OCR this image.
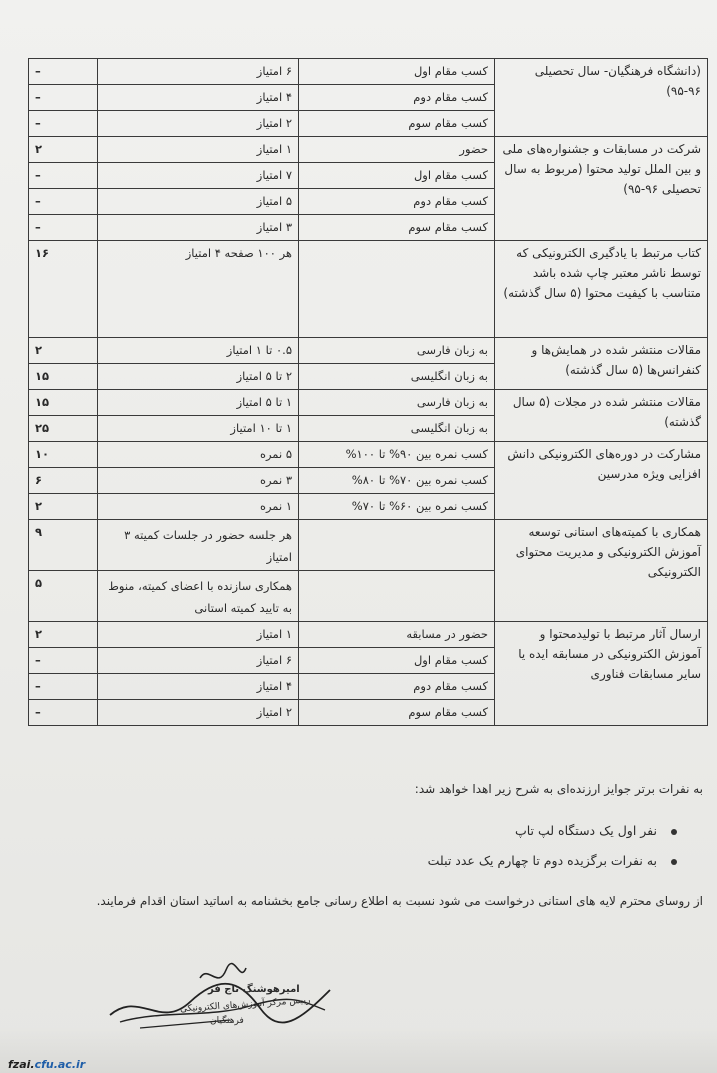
(دانشگاه فرهنگیان- سال تحصیلی ۹۶-۹۵)	کسب مقام اول	۶ امتیاز	–
	کسب مقام دوم	۴ امتیاز	–
	کسب مقام سوم	۲ امتیاز	–
شرکت در مسابقات و جشنواره‌های ملی و بین الملل تولید محتوا (مربوط به سال تحصیلی ۹۶-۹۵)	حضور	۱ امتیاز	۲
	کسب مقام اول	۷ امتیاز	–
	کسب مقام دوم	۵ امتیاز	–
	کسب مقام سوم	۳ امتیاز	–
کتاب مرتبط با یادگیری الکترونیکی که توسط ناشر معتبر چاپ شده باشد متناسب با کیفیت محتوا (۵ سال گذشته)		هر ۱۰۰ صفحه ۴ امتیاز	۱۶
مقالات منتشر شده در همایش‌ها و کنفرانس‌ها (۵ سال گذشته)	به زبان فارسی	۰.۵ تا ۱ امتیاز	۲
	به زبان انگلیسی	۲ تا ۵ امتیاز	۱۵
مقالات منتشر شده در مجلات (۵ سال گذشته)	به زبان فارسی	۱ تا ۵ امتیاز	۱۵
	به زبان انگلیسی	۱ تا ۱۰ امتیاز	۲۵
مشارکت در دوره‌های الکترونیکی دانش افزایی ویژه مدرسین	کسب نمره بین ۹۰% تا ۱۰۰%	۵ نمره	۱۰
	کسب نمره بین ۷۰% تا ۸۰%	۳ نمره	۶
	کسب نمره بین ۶۰% تا ۷۰%	۱ نمره	۲
همکاری با کمیته‌های استانی توسعه آموزش الکترونیکی و مدیریت محتوای الکترونیکی		هر جلسه حضور در جلسات کمیته ۳ امتیاز	۹
		همکاری سازنده با اعضای کمیته، منوط به تایید کمیته استانی	۵
ارسال آثار مرتبط با تولیدمحتوا و آموزش الکترونیکی در مسابقه ایده یا سایر مسابقات فناوری	حضور در مسابقه	۱ امتیاز	۲
	کسب مقام اول	۶ امتیاز	–
	کسب مقام دوم	۴ امتیاز	–
	کسب مقام سوم	۲ امتیاز	–
به نفرات برتر جوایز ارزنده‌ای به شرح زیر اهدا خواهد شد:
نفر اول یک دستگاه لپ تاپ
به نفرات برگزیده دوم تا چهارم یک عدد تبلت
از روسای محترم لایه های استانی درخواست می شود نسبت به اطلاع رسانی جامع بخشنامه به اساتید استان اقدام فرمایند.
امیرهوشنگ تاج فر
رییس مرکز آموزش‌های الکترونیکی
فرهنگیان
fzai.cfu.ac.ir
